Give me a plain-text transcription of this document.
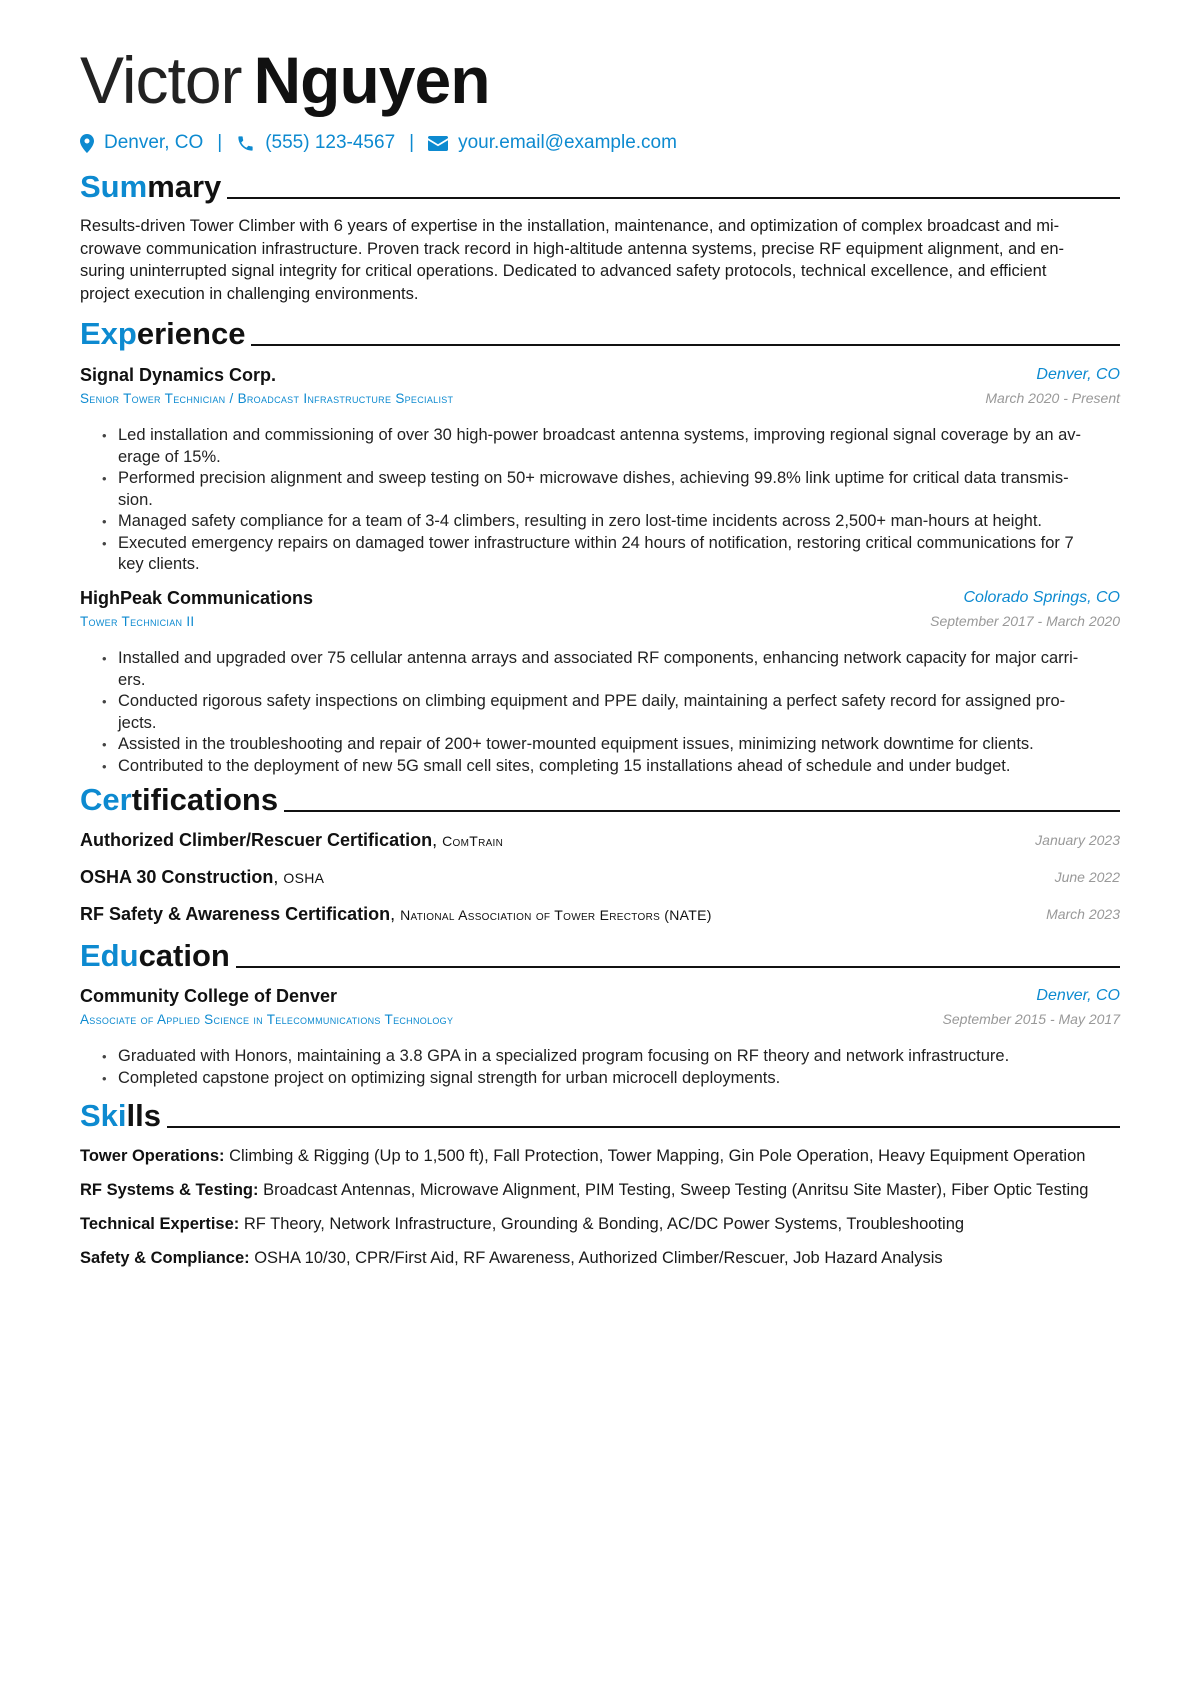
Victor Nguyen
Denver, CO | (555) 123-4567 | your.email@example.com
Summary
Results-driven Tower Climber with 6 years of expertise in the installation, maintenance, and optimization of complex broadcast and mi-
crowave communication infrastructure. Proven track record in high-altitude antenna systems, precise RF equipment alignment, and en-
suring uninterrupted signal integrity for critical operations. Dedicated to advanced safety protocols, technical excellence, and efficient
project execution in challenging environments.
Experience
Signal Dynamics Corp.	Denver, CO
Senior Tower Technician / Broadcast Infrastructure Specialist	March 2020 - Present
• Led installation and commissioning of over 30 high-power broadcast antenna systems, improving regional signal coverage by an av-
erage of 15%.
• Performed precision alignment and sweep testing on 50+ microwave dishes, achieving 99.8% link uptime for critical data transmis-
sion.
• Managed safety compliance for a team of 3-4 climbers, resulting in zero lost-time incidents across 2,500+ man-hours at height.
• Executed emergency repairs on damaged tower infrastructure within 24 hours of notification, restoring critical communications for 7
key clients.
HighPeak Communications	Colorado Springs, CO
Tower Technician II	September 2017 - March 2020
• Installed and upgraded over 75 cellular antenna arrays and associated RF components, enhancing network capacity for major carri-
ers.
• Conducted rigorous safety inspections on climbing equipment and PPE daily, maintaining a perfect safety record for assigned pro-
jects.
• Assisted in the troubleshooting and repair of 200+ tower-mounted equipment issues, minimizing network downtime for clients.
• Contributed to the deployment of new 5G small cell sites, completing 15 installations ahead of schedule and under budget.
Certifications
Authorized Climber/Rescuer Certification, ComTrain	January 2023
OSHA 30 Construction, OSHA	June 2022
RF Safety & Awareness Certification, National Association of Tower Erectors (NATE)	March 2023
Education
Community College of Denver	Denver, CO
Associate of Applied Science in Telecommunications Technology	September 2015 - May 2017
• Graduated with Honors, maintaining a 3.8 GPA in a specialized program focusing on RF theory and network infrastructure.
• Completed capstone project on optimizing signal strength for urban microcell deployments.
Skills
Tower Operations: Climbing & Rigging (Up to 1,500 ft), Fall Protection, Tower Mapping, Gin Pole Operation, Heavy Equipment Operation
RF Systems & Testing: Broadcast Antennas, Microwave Alignment, PIM Testing, Sweep Testing (Anritsu Site Master), Fiber Optic Testing
Technical Expertise: RF Theory, Network Infrastructure, Grounding & Bonding, AC/DC Power Systems, Troubleshooting
Safety & Compliance: OSHA 10/30, CPR/First Aid, RF Awareness, Authorized Climber/Rescuer, Job Hazard Analysis
